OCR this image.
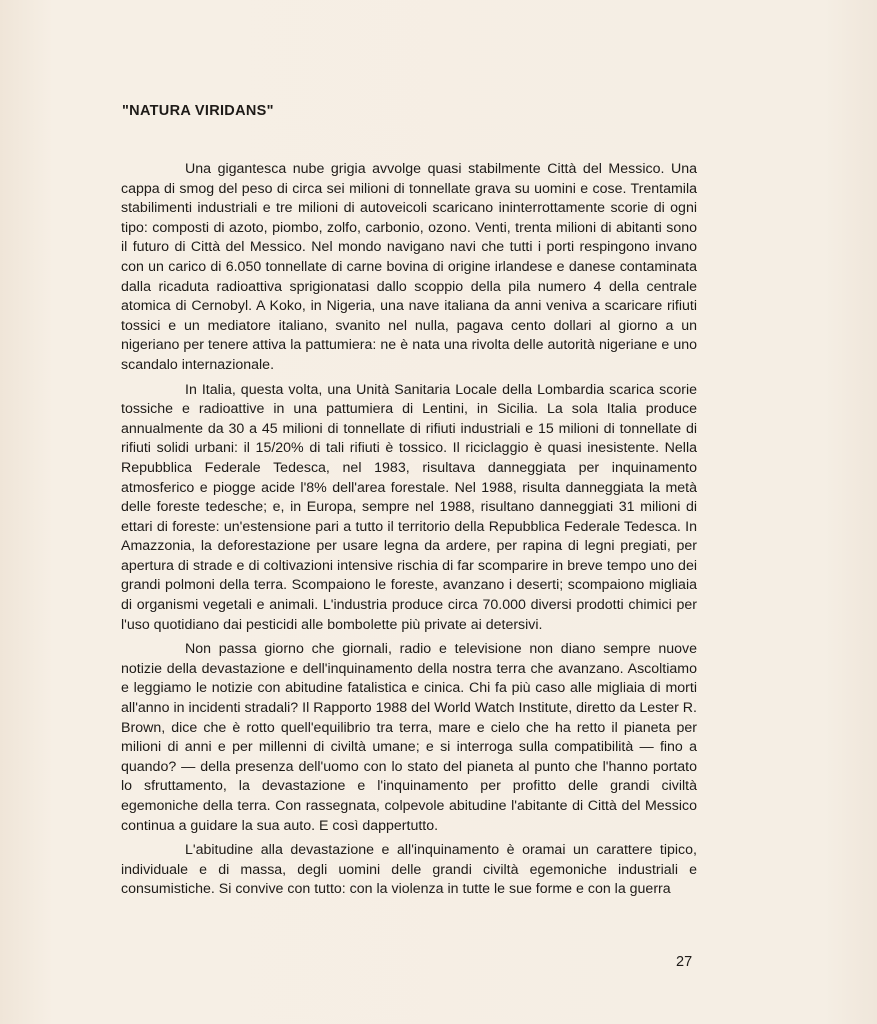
"NATURA VIRIDANS"

Una gigantesca nube grigia avvolge quasi stabilmente Città del Messico. Una cappa di smog del peso di circa sei milioni di tonnellate grava su uomini e cose. Trentamila stabilimenti industriali e tre milioni di autoveicoli scaricano ininterrottamente scorie di ogni tipo: composti di azoto, piombo, zolfo, carbonio, ozono. Venti, trenta milioni di abitanti sono il futuro di Città del Messico. Nel mondo navigano navi che tutti i porti respingono invano con un carico di 6.050 tonnellate di carne bovina di origine irlandese e danese contaminata dalla ricaduta radioattiva sprigionatasi dallo scoppio della pila numero 4 della centrale atomica di Cernobyl. A Koko, in Nigeria, una nave italiana da anni veniva a scaricare rifiuti tossici e un mediatore italiano, svanito nel nulla, pagava cento dollari al giorno a un nigeriano per tenere attiva la pattumiera: ne è nata una rivolta delle autorità nigeriane e uno scandalo internazionale.

In Italia, questa volta, una Unità Sanitaria Locale della Lombardia scarica scorie tossiche e radioattive in una pattumiera di Lentini, in Sicilia. La sola Italia produce annualmente da 30 a 45 milioni di tonnellate di rifiuti industriali e 15 milioni di tonnellate di rifiuti solidi urbani: il 15/20% di tali rifiuti è tossico. Il riciclaggio è quasi inesistente. Nella Repubblica Federale Tedesca, nel 1983, risultava danneggiata per inquinamento atmosferico e piogge acide l'8% dell'area forestale. Nel 1988, risulta danneggiata la metà delle foreste tedesche; e, in Europa, sempre nel 1988, risultano danneggiati 31 milioni di ettari di foreste: un'estensione pari a tutto il territorio della Repubblica Federale Tedesca. In Amazzonia, la deforestazione per usare legna da ardere, per rapina di legni pregiati, per apertura di strade e di coltivazioni intensive rischia di far scomparire in breve tempo uno dei grandi polmoni della terra. Scompaiono le foreste, avanzano i deserti; scompaiono migliaia di organismi vegetali e animali. L'industria produce circa 70.000 diversi prodotti chimici per l'uso quotidiano dai pesticidi alle bombolette più private ai detersivi.

Non passa giorno che giornali, radio e televisione non diano sempre nuove notizie della devastazione e dell'inquinamento della nostra terra che avanzano. Ascoltiamo e leggiamo le notizie con abitudine fatalistica e cinica. Chi fa più caso alle migliaia di morti all'anno in incidenti stradali? Il Rapporto 1988 del World Watch Institute, diretto da Lester R. Brown, dice che è rotto quell'equilibrio tra terra, mare e cielo che ha retto il pianeta per milioni di anni e per millenni di civiltà umane; e si interroga sulla compatibilità — fino a quando? — della presenza dell'uomo con lo stato del pianeta al punto che l'hanno portato lo sfruttamento, la devastazione e l'inquinamento per profitto delle grandi civiltà egemoniche della terra. Con rassegnata, colpevole abitudine l'abitante di Città del Messico continua a guidare la sua auto. E così dappertutto.

L'abitudine alla devastazione e all'inquinamento è oramai un carattere tipico, individuale e di massa, degli uomini delle grandi civiltà egemoniche industriali e consumistiche. Si convive con tutto: con la violenza in tutte le sue forme e con la guerra

27
